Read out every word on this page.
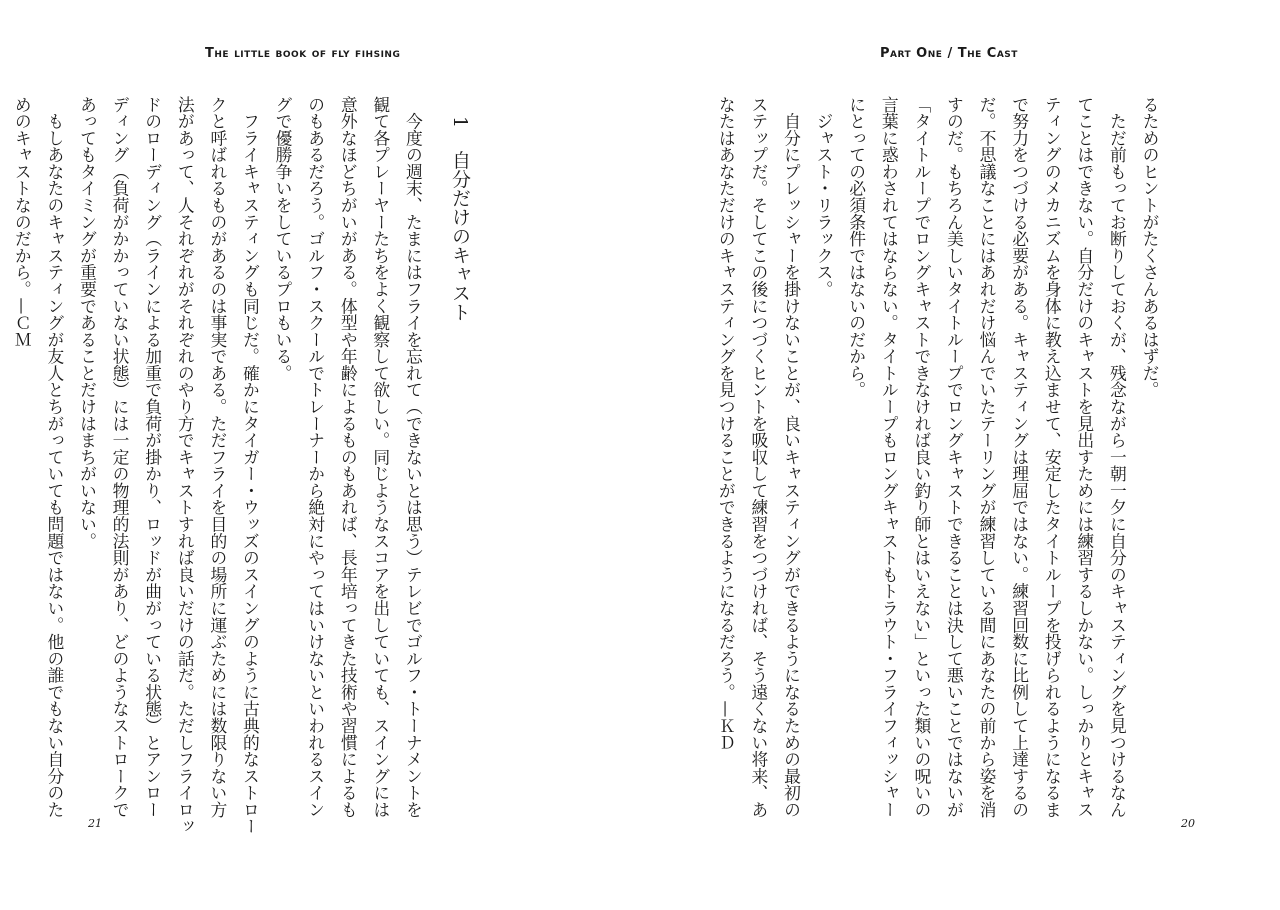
Part One / The Cast
るためのヒントがたくさんあるはずだ。
　ただ前もってお断りしておくが、残念ながら一朝一夕に自分のキャスティングを見つけるなん
てことはできない。自分だけのキャストを見出すためには練習するしかない。しっかりとキャス
ティングのメカニズムを身体に教え込ませて、安定したタイトループを投げられるようになるま
で努力をつづける必要がある。キャスティングは理屈ではない。練習回数に比例して上達するの
だ。不思議なことにはあれだけ悩んでいたテーリングが練習している間にあなたの前から姿を消
すのだ。もちろん美しいタイトループでロングキャストできることは決して悪いことではないが
「タイトループでロングキャストできなければ良い釣り師とはいえない」といった類いの呪いの
言葉に惑わされてはならない。タイトループもロングキャストもトラウト・フライフィッシャー
にとっての必須条件ではないのだから。
　ジャスト・リラックス。
　自分にプレッシャーを掛けないことが、良いキャスティングができるようになるための最初の
ステップだ。そしてこの後につづくヒントを吸収して練習をつづければ、そう遠くない将来、あ
なたはあなただけのキャスティングを見つけることができるようになるだろう。—ＫＤ
20
The little book of fly fihsing
1 自分だけのキャスト
　今度の週末、たまにはフライを忘れて（できないとは思う）テレビでゴルフ・トーナメントを
観て各プレーヤーたちをよく観察して欲しい。同じようなスコアを出していても、スイングには
意外なほどちがいがある。体型や年齢によるものもあれば、長年培ってきた技術や習慣によるも
のもあるだろう。ゴルフ・スクールでトレーナーから絶対にやってはいけないといわれるスイン
グで優勝争いをしているプロもいる。
　フライキャスティングも同じだ。確かにタイガー・ウッズのスイングのように古典的なストロー
クと呼ばれるものがあるのは事実である。ただフライを目的の場所に運ぶためには数限りない方
法があって、人それぞれがそれぞれのやり方でキャストすれば良いだけの話だ。ただしフライロッ
ドのローディング（ラインによる加重で負荷が掛かり、ロッドが曲がっている状態）とアンロー
ディング（負荷がかかっていない状態）には一定の物理的法則があり、どのようなストロークで
あってもタイミングが重要であることだけはまちがいない。
　もしあなたのキャスティングが友人とちがっていても問題ではない。他の誰でもない自分のた
めのキャストなのだから。—ＣＭ
21
